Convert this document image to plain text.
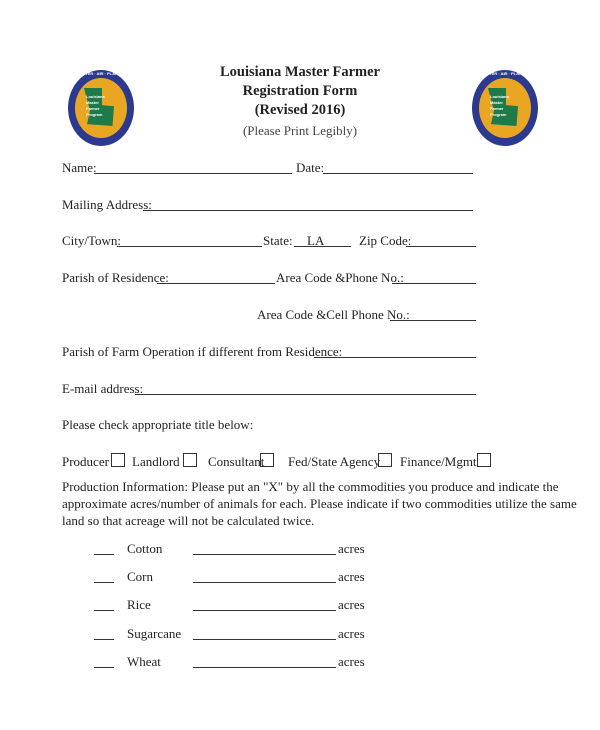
WATER · AIR · PLANTS
Louisiana
Master
Farmer
Program
WATER · AIR · PLANTS
Louisiana
Master
Farmer
Program
Louisiana Master Farmer
Registration Form
(Revised 2016)
(Please Print Legibly)
Name:	Date:
Mailing Address:
City/Town:	State: LA	Zip Code:
Parish of Residence:	Area Code &Phone No.:
Area Code &Cell Phone No.:
Parish of Farm Operation if different from Residence:
E-mail address:
Please check appropriate title below:
Producer Landlord Consultant Fed/State Agency Finance/Mgmt
Production Information: Please put an "X" by all the commodities you produce and indicate the
approximate acres/number of animals for each. Please indicate if two commodities utilize the same
land so that acreage will not be calculated twice.
Cotton	acres
Corn	acres
Rice	acres
Sugarcane	acres
Wheat	acres
